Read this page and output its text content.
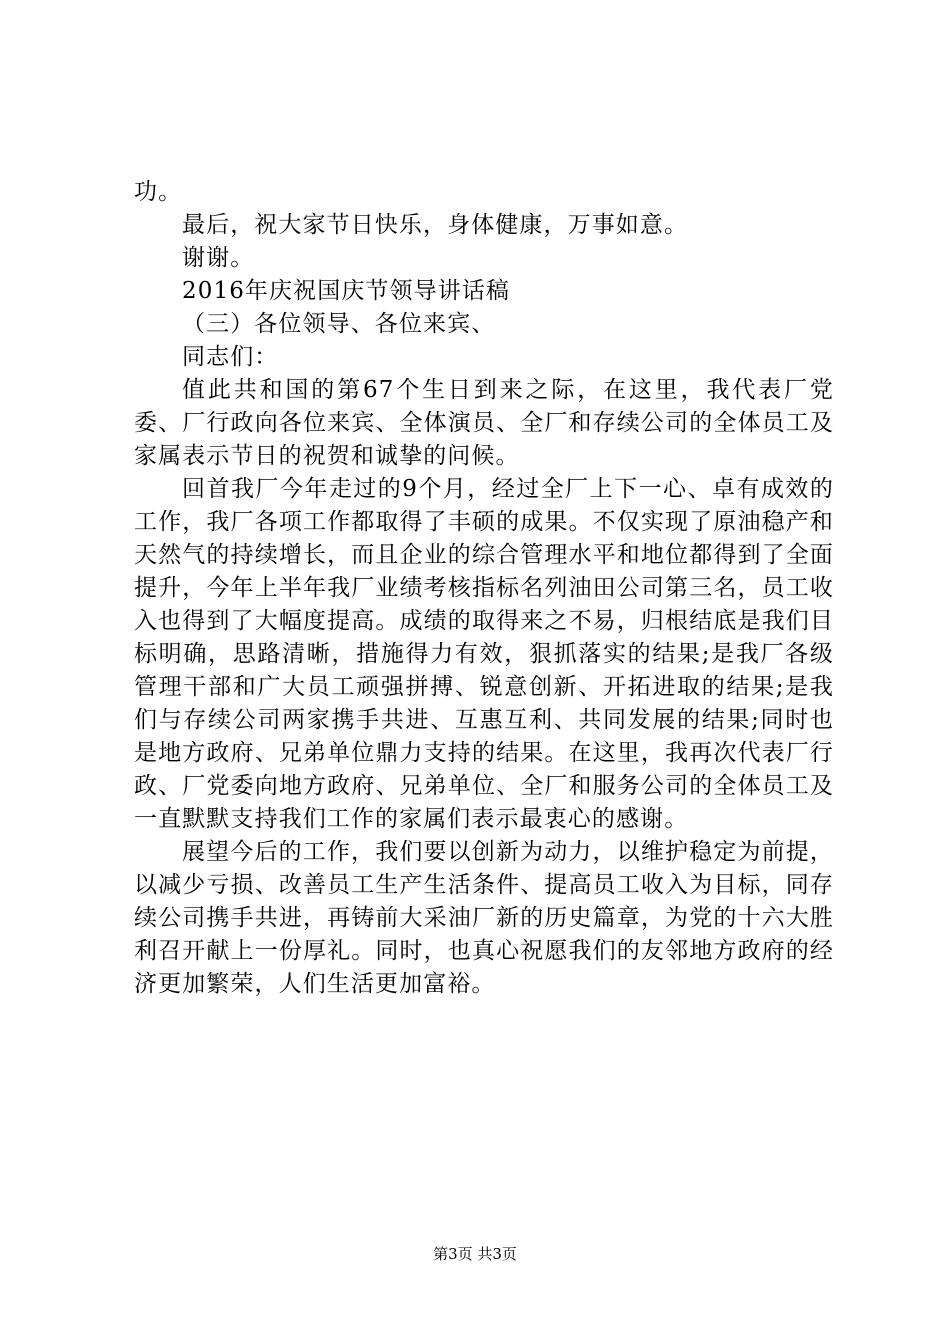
功。

最后，祝大家节日快乐，身体健康，万事如意。

谢谢。

2016年庆祝国庆节领导讲话稿

（三）各位领导、各位来宾、

同志们：

值此共和国的第67个生日到来之际，在这里，我代表厂党委、厂行政向各位来宾、全体演员、全厂和存续公司的全体员工及家属表示节日的祝贺和诚挚的问候。

回首我厂今年走过的9个月，经过全厂上下一心、卓有成效的工作，我厂各项工作都取得了丰硕的成果。不仅实现了原油稳产和天然气的持续增长，而且企业的综合管理水平和地位都得到了全面提升，今年上半年我厂业绩考核指标名列油田公司第三名，员工收入也得到了大幅度提高。成绩的取得来之不易，归根结底是我们目标明确，思路清晰，措施得力有效，狠抓落实的结果;是我厂各级管理干部和广大员工顽强拼搏、锐意创新、开拓进取的结果;是我们与存续公司两家携手共进、互惠互利、共同发展的结果;同时也是地方政府、兄弟单位鼎力支持的结果。在这里，我再次代表厂行政、厂党委向地方政府、兄弟单位、全厂和服务公司的全体员工及一直默默支持我们工作的家属们表示最衷心的感谢。

展望今后的工作，我们要以创新为动力，以维护稳定为前提，以减少亏损、改善员工生产生活条件、提高员工收入为目标，同存续公司携手共进，再铸前大采油厂新的历史篇章，为党的十六大胜利召开献上一份厚礼。同时，也真心祝愿我们的友邻地方政府的经济更加繁荣，人们生活更加富裕。

第3页 共3页
